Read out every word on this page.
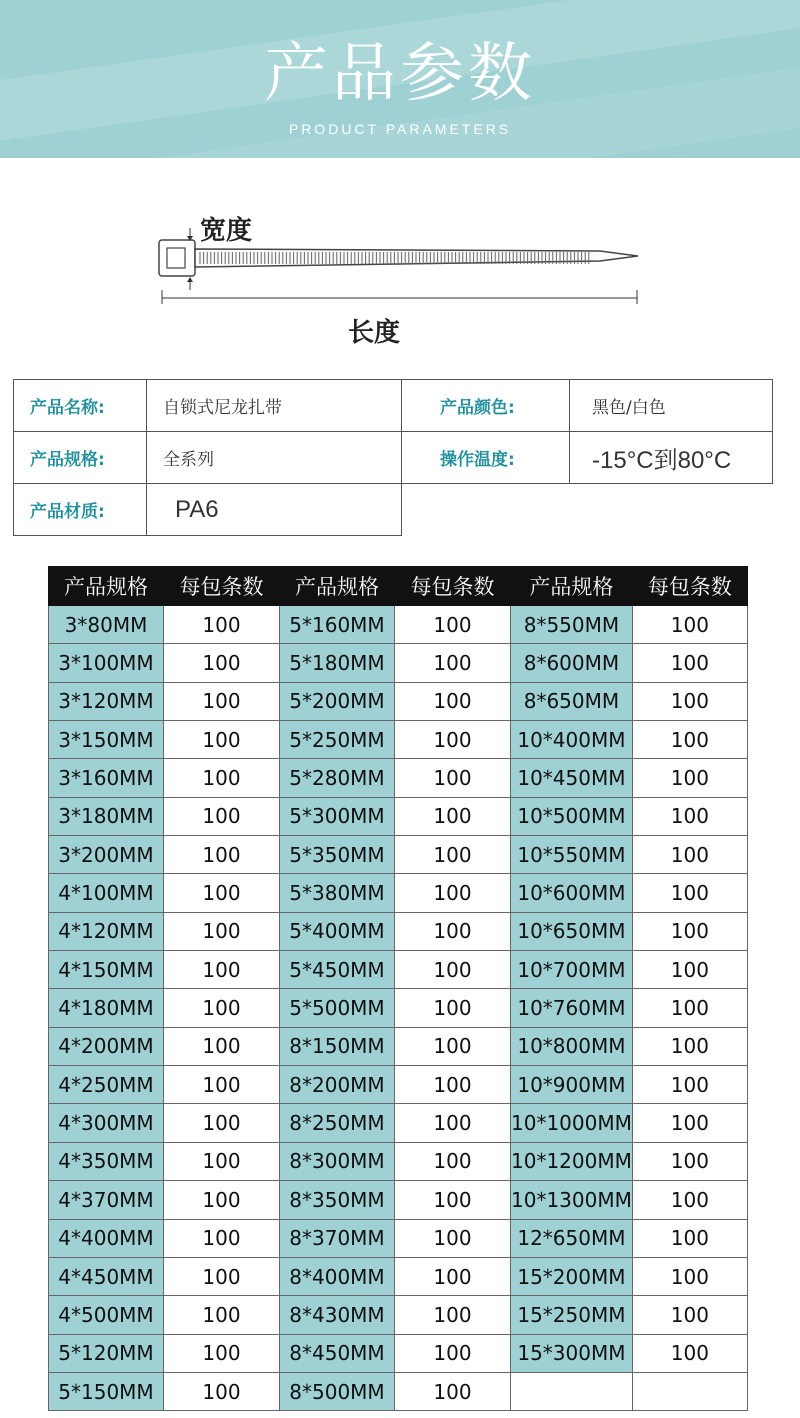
产品参数
PRODUCT PARAMETERS
宽度
长度
产品名称:	自锁式尼龙扎带	产品颜色:	黑色/白色
产品规格:	全系列	操作温度:	-15°C到80°C
产品材质:	PA6		
产品规格	每包条数	产品规格	每包条数	产品规格	每包条数
3*80MM	100	5*160MM	100	8*550MM	100
3*100MM	100	5*180MM	100	8*600MM	100
3*120MM	100	5*200MM	100	8*650MM	100
3*150MM	100	5*250MM	100	10*400MM	100
3*160MM	100	5*280MM	100	10*450MM	100
3*180MM	100	5*300MM	100	10*500MM	100
3*200MM	100	5*350MM	100	10*550MM	100
4*100MM	100	5*380MM	100	10*600MM	100
4*120MM	100	5*400MM	100	10*650MM	100
4*150MM	100	5*450MM	100	10*700MM	100
4*180MM	100	5*500MM	100	10*760MM	100
4*200MM	100	8*150MM	100	10*800MM	100
4*250MM	100	8*200MM	100	10*900MM	100
4*300MM	100	8*250MM	100	10*1000MM	100
4*350MM	100	8*300MM	100	10*1200MM	100
4*370MM	100	8*350MM	100	10*1300MM	100
4*400MM	100	8*370MM	100	12*650MM	100
4*450MM	100	8*400MM	100	15*200MM	100
4*500MM	100	8*430MM	100	15*250MM	100
5*120MM	100	8*450MM	100	15*300MM	100
5*150MM	100	8*500MM	100		
